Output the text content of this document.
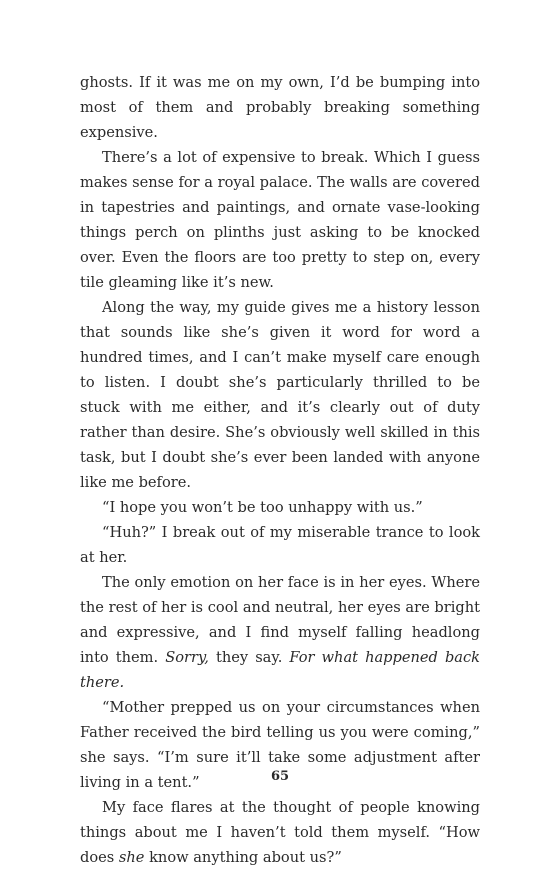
ghosts. If it was me on my own, I’d be bumping into most of them and probably breaking something expensive.

There’s a lot of expensive to break. Which I guess makes sense for a royal palace. The walls are covered in tapestries and paintings, and ornate vase-looking things perch on plinths just asking to be knocked over. Even the floors are too pretty to step on, every tile gleaming like it’s new.

Along the way, my guide gives me a history lesson that sounds like she’s given it word for word a hundred times, and I can’t make myself care enough to listen. I doubt she’s particularly thrilled to be stuck with me either, and it’s clearly out of duty rather than desire. She’s obviously well skilled in this task, but I doubt she’s ever been landed with anyone like me before.

“I hope you won’t be too unhappy with us.”

“Huh?” I break out of my miserable trance to look at her.

The only emotion on her face is in her eyes. Where the rest of her is cool and neutral, her eyes are bright and expressive, and I find myself falling headlong into them. Sorry, they say. For what happened back there.

“Mother prepped us on your circumstances when Father received the bird telling us you were coming,” she says. “I’m sure it’ll take some adjustment after living in a tent.”

My face flares at the thought of people knowing things about me I haven’t told them myself. “How does she know anything about us?”

65
